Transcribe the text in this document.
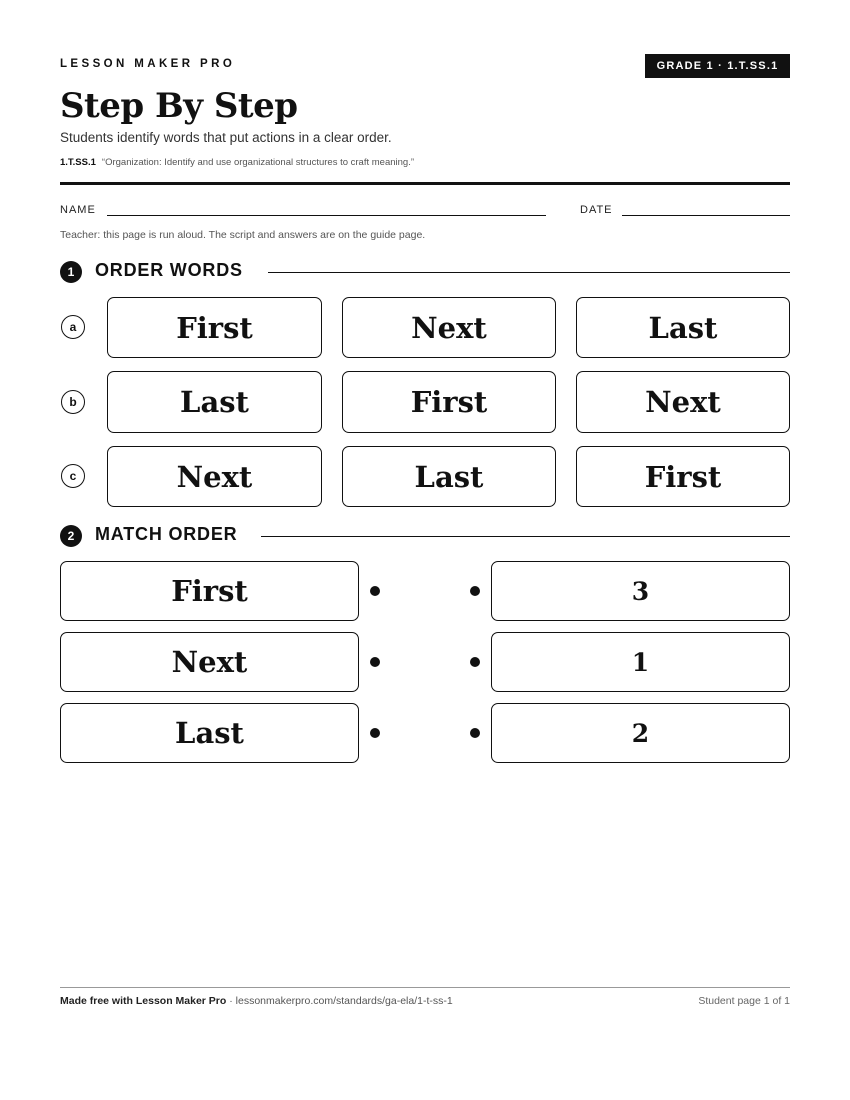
LESSON MAKER PRO	GRADE 1 · 1.T.SS.1
Step By Step
Students identify words that put actions in a clear order.
1.T.SS.1 “Organization: Identify and use organizational structures to craft meaning.”
NAME	DATE
Teacher: this page is run aloud. The script and answers are on the guide page.
1	ORDER WORDS
a	First	Next	Last
b	Last	First	Next
c	Next	Last	First
2	MATCH ORDER
First	3
Next	1
Last	2
Made free with Lesson Maker Pro · lessonmakerpro.com/standards/ga-ela/1-t-ss-1	Student page 1 of 1
